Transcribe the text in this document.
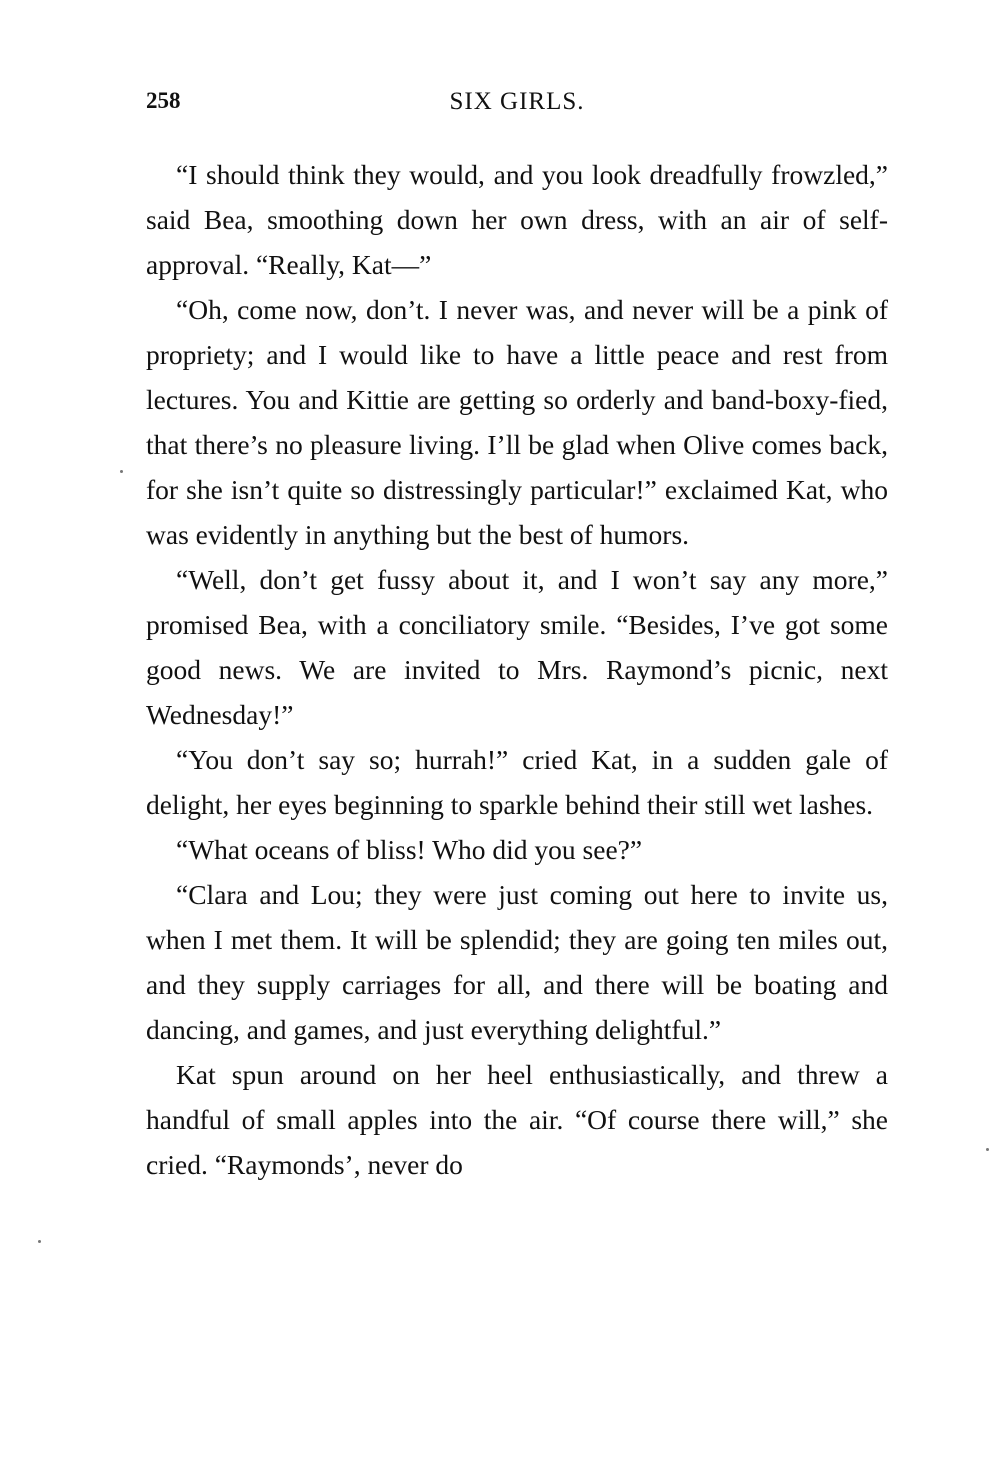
258	SIX GIRLS.

“I should think they would, and you look dreadfully frowzled,” said Bea, smoothing down her own dress, with an air of self-approval. “Really, Kat—”

“Oh, come now, don’t. I never was, and never will be a pink of propriety; and I would like to have a little peace and rest from lectures. You and Kittie are getting so orderly and band-boxy-fied, that there’s no pleasure living. I’ll be glad when Olive comes back, for she isn’t quite so distressingly particular!” exclaimed Kat, who was evidently in anything but the best of humors.

“Well, don’t get fussy about it, and I won’t say any more,” promised Bea, with a conciliatory smile. “Besides, I’ve got some good news. We are invited to Mrs. Raymond’s picnic, next Wednesday!”

“You don’t say so; hurrah!” cried Kat, in a sudden gale of delight, her eyes beginning to sparkle behind their still wet lashes.

“What oceans of bliss! Who did you see?”

“Clara and Lou; they were just coming out here to invite us, when I met them. It will be splendid; they are going ten miles out, and they supply carriages for all, and there will be boating and dancing, and games, and just everything delightful.”

Kat spun around on her heel enthusiastically, and threw a handful of small apples into the air. “Of course there will,” she cried. “Raymonds’, never do
